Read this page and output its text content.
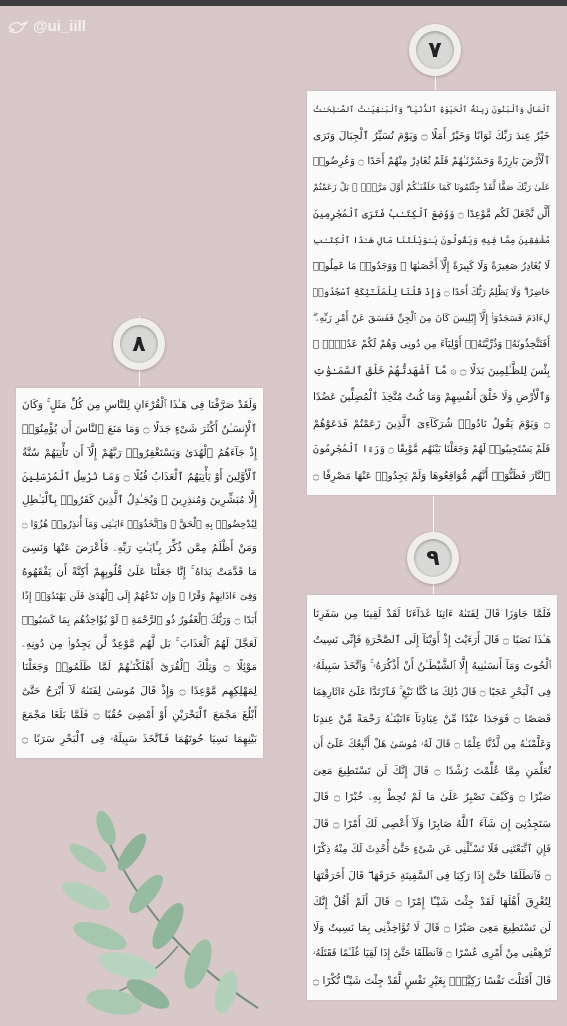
@ui_iill
٧
٨
٩
ٱلْمَالُ وَٱلْبَنُونَ زِينَةُ ٱلْحَيَوٰةِ ٱلدُّنْيَا ۖ وَٱلْبَـٰقِيَـٰتُ ٱلصَّـٰلِحَـٰتُ
خَيْرٌ عِندَ رَبِّكَ ثَوَابًا وَخَيْرٌ أَمَلًا ۝ وَيَوْمَ نُسَيِّرُ ٱلْجِبَالَ وَتَرَى
ٱلْأَرْضَ بَارِزَةً وَحَشَرْنَـٰهُمْ فَلَمْ نُغَادِرْ مِنْهُمْ أَحَدًا ۝ وَعُرِضُوا۟
عَلَىٰ رَبِّكَ صَفًّا لَّقَدْ جِئْتُمُونَا كَمَا خَلَقْنَـٰكُمْ أَوَّلَ مَرَّةٍۭ ۚ بَلْ زَعَمْتُمْ
أَلَّن نَّجْعَلَ لَكُم مَّوْعِدًا ۝ وَوُضِعَ ٱلْكِتَـٰبُ فَتَرَى ٱلْمُجْرِمِينَ
مُشْفِقِينَ مِمَّا فِيهِ وَيَقُولُونَ يَـٰوَيْلَتَنَا مَالِ هَـٰذَا ٱلْكِتَـٰبِ
لَا يُغَادِرُ صَغِيرَةً وَلَا كَبِيرَةً إِلَّآ أَحْصَىٰهَا ۚ وَوَجَدُوا۟ مَا عَمِلُوا۟
حَاضِرًا ۗ وَلَا يَظْلِمُ رَبُّكَ أَحَدًا ۝ وَإِذْ قُلْنَا لِلْمَلَـٰٓئِكَةِ ٱسْجُدُوا۟
لِءَادَمَ فَسَجَدُوٓا۟ إِلَّآ إِبْلِيسَ كَانَ مِنَ ٱلْجِنِّ فَفَسَقَ عَنْ أَمْرِ رَبِّهِۦٓ ۗ
أَفَتَتَّخِذُونَهُۥ وَذُرِّيَّتَهُۥٓ أَوْلِيَآءَ مِن دُونِى وَهُمْ لَكُمْ عَدُوٌّۢ ۚ
بِئْسَ لِلظَّـٰلِمِينَ بَدَلًا ۝ ۞ مَّآ أَشْهَدتُّهُمْ خَلْقَ ٱلسَّمَـٰوَٰتِ
وَٱلْأَرْضِ وَلَا خَلْقَ أَنفُسِهِمْ وَمَا كُنتُ مُتَّخِذَ ٱلْمُضِلِّينَ عَضُدًا
۝ وَيَوْمَ يَقُولُ نَادُوا۟ شُرَكَآءِىَ ٱلَّذِينَ زَعَمْتُمْ فَدَعَوْهُمْ
فَلَمْ يَسْتَجِيبُوا۟ لَهُمْ وَجَعَلْنَا بَيْنَهُم مَّوْبِقًا ۝ وَرَءَا ٱلْمُجْرِمُونَ
ٱلنَّارَ فَظَنُّوٓا۟ أَنَّهُم مُّوَاقِعُوهَا وَلَمْ يَجِدُوا۟ عَنْهَا مَصْرِفًا ۝
وَلَقَدْ صَرَّفْنَا فِى هَـٰذَا ٱلْقُرْءَانِ لِلنَّاسِ مِن كُلِّ مَثَلٍ ۚ وَكَانَ
ٱلْإِنسَـٰنُ أَكْثَرَ شَىْءٍ جَدَلًا ۝ وَمَا مَنَعَ ٱلنَّاسَ أَن يُؤْمِنُوٓا۟
إِذْ جَآءَهُمُ ٱلْهُدَىٰ وَيَسْتَغْفِرُوا۟ رَبَّهُمْ إِلَّآ أَن تَأْتِيَهُمْ سُنَّةُ
ٱلْأَوَّلِينَ أَوْ يَأْتِيَهُمُ ٱلْعَذَابُ قُبُلًا ۝ وَمَا نُرْسِلُ ٱلْمُرْسَلِينَ
إِلَّا مُبَشِّرِينَ وَمُنذِرِينَ ۚ وَيُجَـٰدِلُ ٱلَّذِينَ كَفَرُوا۟ بِٱلْبَـٰطِلِ
لِيُدْحِضُوا۟ بِهِ ٱلْحَقَّ ۖ وَٱتَّخَذُوٓا۟ ءَايَـٰتِى وَمَآ أُنذِرُوا۟ هُزُوًا ۝
وَمَنْ أَظْلَمُ مِمَّن ذُكِّرَ بِـَٔايَـٰتِ رَبِّهِۦ فَأَعْرَضَ عَنْهَا وَنَسِىَ
مَا قَدَّمَتْ يَدَاهُ ۚ إِنَّا جَعَلْنَا عَلَىٰ قُلُوبِهِمْ أَكِنَّةً أَن يَفْقَهُوهُ
وَفِىٓ ءَاذَانِهِمْ وَقْرًا ۖ وَإِن تَدْعُهُمْ إِلَى ٱلْهُدَىٰ فَلَن يَهْتَدُوٓا۟ إِذًا
أَبَدًا ۝ وَرَبُّكَ ٱلْغَفُورُ ذُو ٱلرَّحْمَةِ ۖ لَوْ يُؤَاخِذُهُم بِمَا كَسَبُوا۟
لَعَجَّلَ لَهُمُ ٱلْعَذَابَ ۚ بَل لَّهُم مَّوْعِدٌ لَّن يَجِدُوا۟ مِن دُونِهِۦ
مَوْئِلًا ۝ وَتِلْكَ ٱلْقُرَىٰٓ أَهْلَكْنَـٰهُمْ لَمَّا ظَلَمُوا۟ وَجَعَلْنَا
لِمَهْلِكِهِم مَّوْعِدًا ۝ وَإِذْ قَالَ مُوسَىٰ لِفَتَىٰهُ لَآ أَبْرَحُ حَتَّىٰٓ
أَبْلُغَ مَجْمَعَ ٱلْبَحْرَيْنِ أَوْ أَمْضِىَ حُقُبًا ۝ فَلَمَّا بَلَغَا مَجْمَعَ
بَيْنِهِمَا نَسِيَا حُوتَهُمَا فَٱتَّخَذَ سَبِيلَهُۥ فِى ٱلْبَحْرِ سَرَبًا ۝
فَلَمَّا جَاوَزَا قَالَ لِفَتَىٰهُ ءَاتِنَا غَدَآءَنَا لَقَدْ لَقِينَا مِن سَفَرِنَا
هَـٰذَا نَصَبًا ۝ قَالَ أَرَءَيْتَ إِذْ أَوَيْنَآ إِلَى ٱلصَّخْرَةِ فَإِنِّى نَسِيتُ
ٱلْحُوتَ وَمَآ أَنسَىٰنِيهُ إِلَّا ٱلشَّيْطَـٰنُ أَنْ أَذْكُرَهُۥ ۚ وَٱتَّخَذَ سَبِيلَهُۥ
فِى ٱلْبَحْرِ عَجَبًا ۝ قَالَ ذَٰلِكَ مَا كُنَّا نَبْغِ ۚ فَٱرْتَدَّا عَلَىٰٓ ءَاثَارِهِمَا
قَصَصًا ۝ فَوَجَدَا عَبْدًا مِّنْ عِبَادِنَآ ءَاتَيْنَـٰهُ رَحْمَةً مِّنْ عِندِنَا
وَعَلَّمْنَـٰهُ مِن لَّدُنَّا عِلْمًا ۝ قَالَ لَهُۥ مُوسَىٰ هَلْ أَتَّبِعُكَ عَلَىٰٓ أَن
تُعَلِّمَنِ مِمَّا عُلِّمْتَ رُشْدًا ۝ قَالَ إِنَّكَ لَن تَسْتَطِيعَ مَعِىَ
صَبْرًا ۝ وَكَيْفَ تَصْبِرُ عَلَىٰ مَا لَمْ تُحِطْ بِهِۦ خُبْرًا ۝ قَالَ
سَتَجِدُنِىٓ إِن شَآءَ ٱللَّهُ صَابِرًا وَلَآ أَعْصِى لَكَ أَمْرًا ۝ قَالَ
فَإِنِ ٱتَّبَعْتَنِى فَلَا تَسْـَٔلْنِى عَن شَىْءٍ حَتَّىٰٓ أُحْدِثَ لَكَ مِنْهُ ذِكْرًا
۝ فَٱنطَلَقَا حَتَّىٰٓ إِذَا رَكِبَا فِى ٱلسَّفِينَةِ خَرَقَهَا ۖ قَالَ أَخَرَقْتَهَا
لِتُغْرِقَ أَهْلَهَا لَقَدْ جِئْتَ شَيْـًٔا إِمْرًا ۝ قَالَ أَلَمْ أَقُلْ إِنَّكَ
لَن تَسْتَطِيعَ مَعِىَ صَبْرًا ۝ قَالَ لَا تُؤَاخِذْنِى بِمَا نَسِيتُ وَلَا
تُرْهِقْنِى مِنْ أَمْرِى عُسْرًا ۝ فَٱنطَلَقَا حَتَّىٰٓ إِذَا لَقِيَا غُلَـٰمًا فَقَتَلَهُۥ
قَالَ أَقَتَلْتَ نَفْسًا زَكِيَّةًۢ بِغَيْرِ نَفْسٍ لَّقَدْ جِئْتَ شَيْـًٔا نُّكْرًا ۝
